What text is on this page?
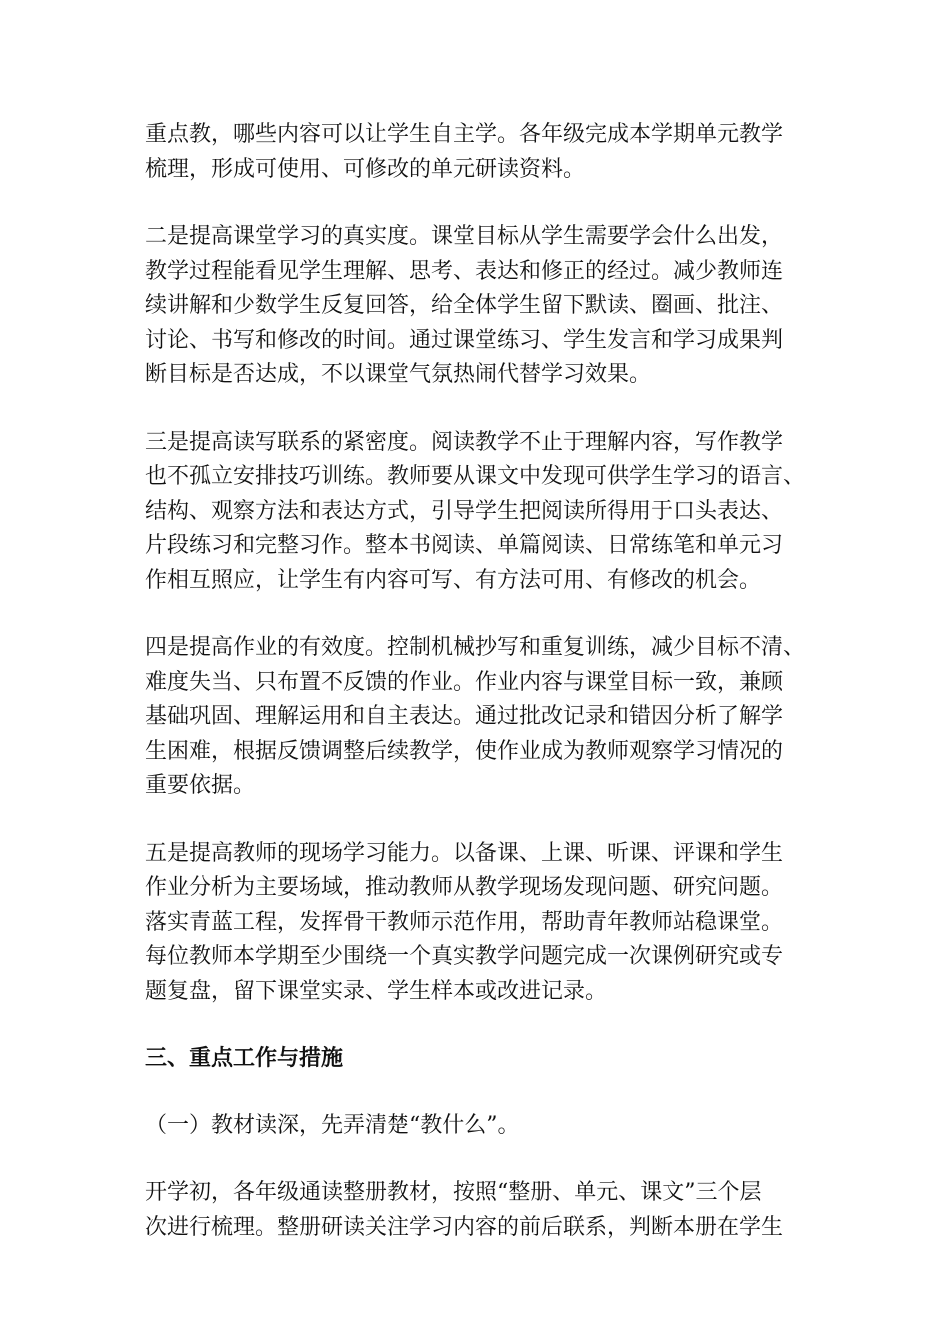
重点教，哪些内容可以让学生自主学。各年级完成本学期单元教学
梳理，形成可使用、可修改的单元研读资料。

二是提高课堂学习的真实度。课堂目标从学生需要学会什么出发，
教学过程能看见学生理解、思考、表达和修正的经过。减少教师连
续讲解和少数学生反复回答，给全体学生留下默读、圈画、批注、
讨论、书写和修改的时间。通过课堂练习、学生发言和学习成果判
断目标是否达成，不以课堂气氛热闹代替学习效果。

三是提高读写联系的紧密度。阅读教学不止于理解内容，写作教学
也不孤立安排技巧训练。教师要从课文中发现可供学生学习的语言、
结构、观察方法和表达方式，引导学生把阅读所得用于口头表达、
片段练习和完整习作。整本书阅读、单篇阅读、日常练笔和单元习
作相互照应，让学生有内容可写、有方法可用、有修改的机会。

四是提高作业的有效度。控制机械抄写和重复训练，减少目标不清、
难度失当、只布置不反馈的作业。作业内容与课堂目标一致，兼顾
基础巩固、理解运用和自主表达。通过批改记录和错因分析了解学
生困难，根据反馈调整后续教学，使作业成为教师观察学习情况的
重要依据。

五是提高教师的现场学习能力。以备课、上课、听课、评课和学生
作业分析为主要场域，推动教师从教学现场发现问题、研究问题。
落实青蓝工程，发挥骨干教师示范作用，帮助青年教师站稳课堂。
每位教师本学期至少围绕一个真实教学问题完成一次课例研究或专
题复盘，留下课堂实录、学生样本或改进记录。

三、重点工作与措施

（一）教材读深，先弄清楚“教什么”。

开学初，各年级通读整册教材，按照“整册、单元、课文”三个层
次进行梳理。整册研读关注学习内容的前后联系，判断本册在学生
